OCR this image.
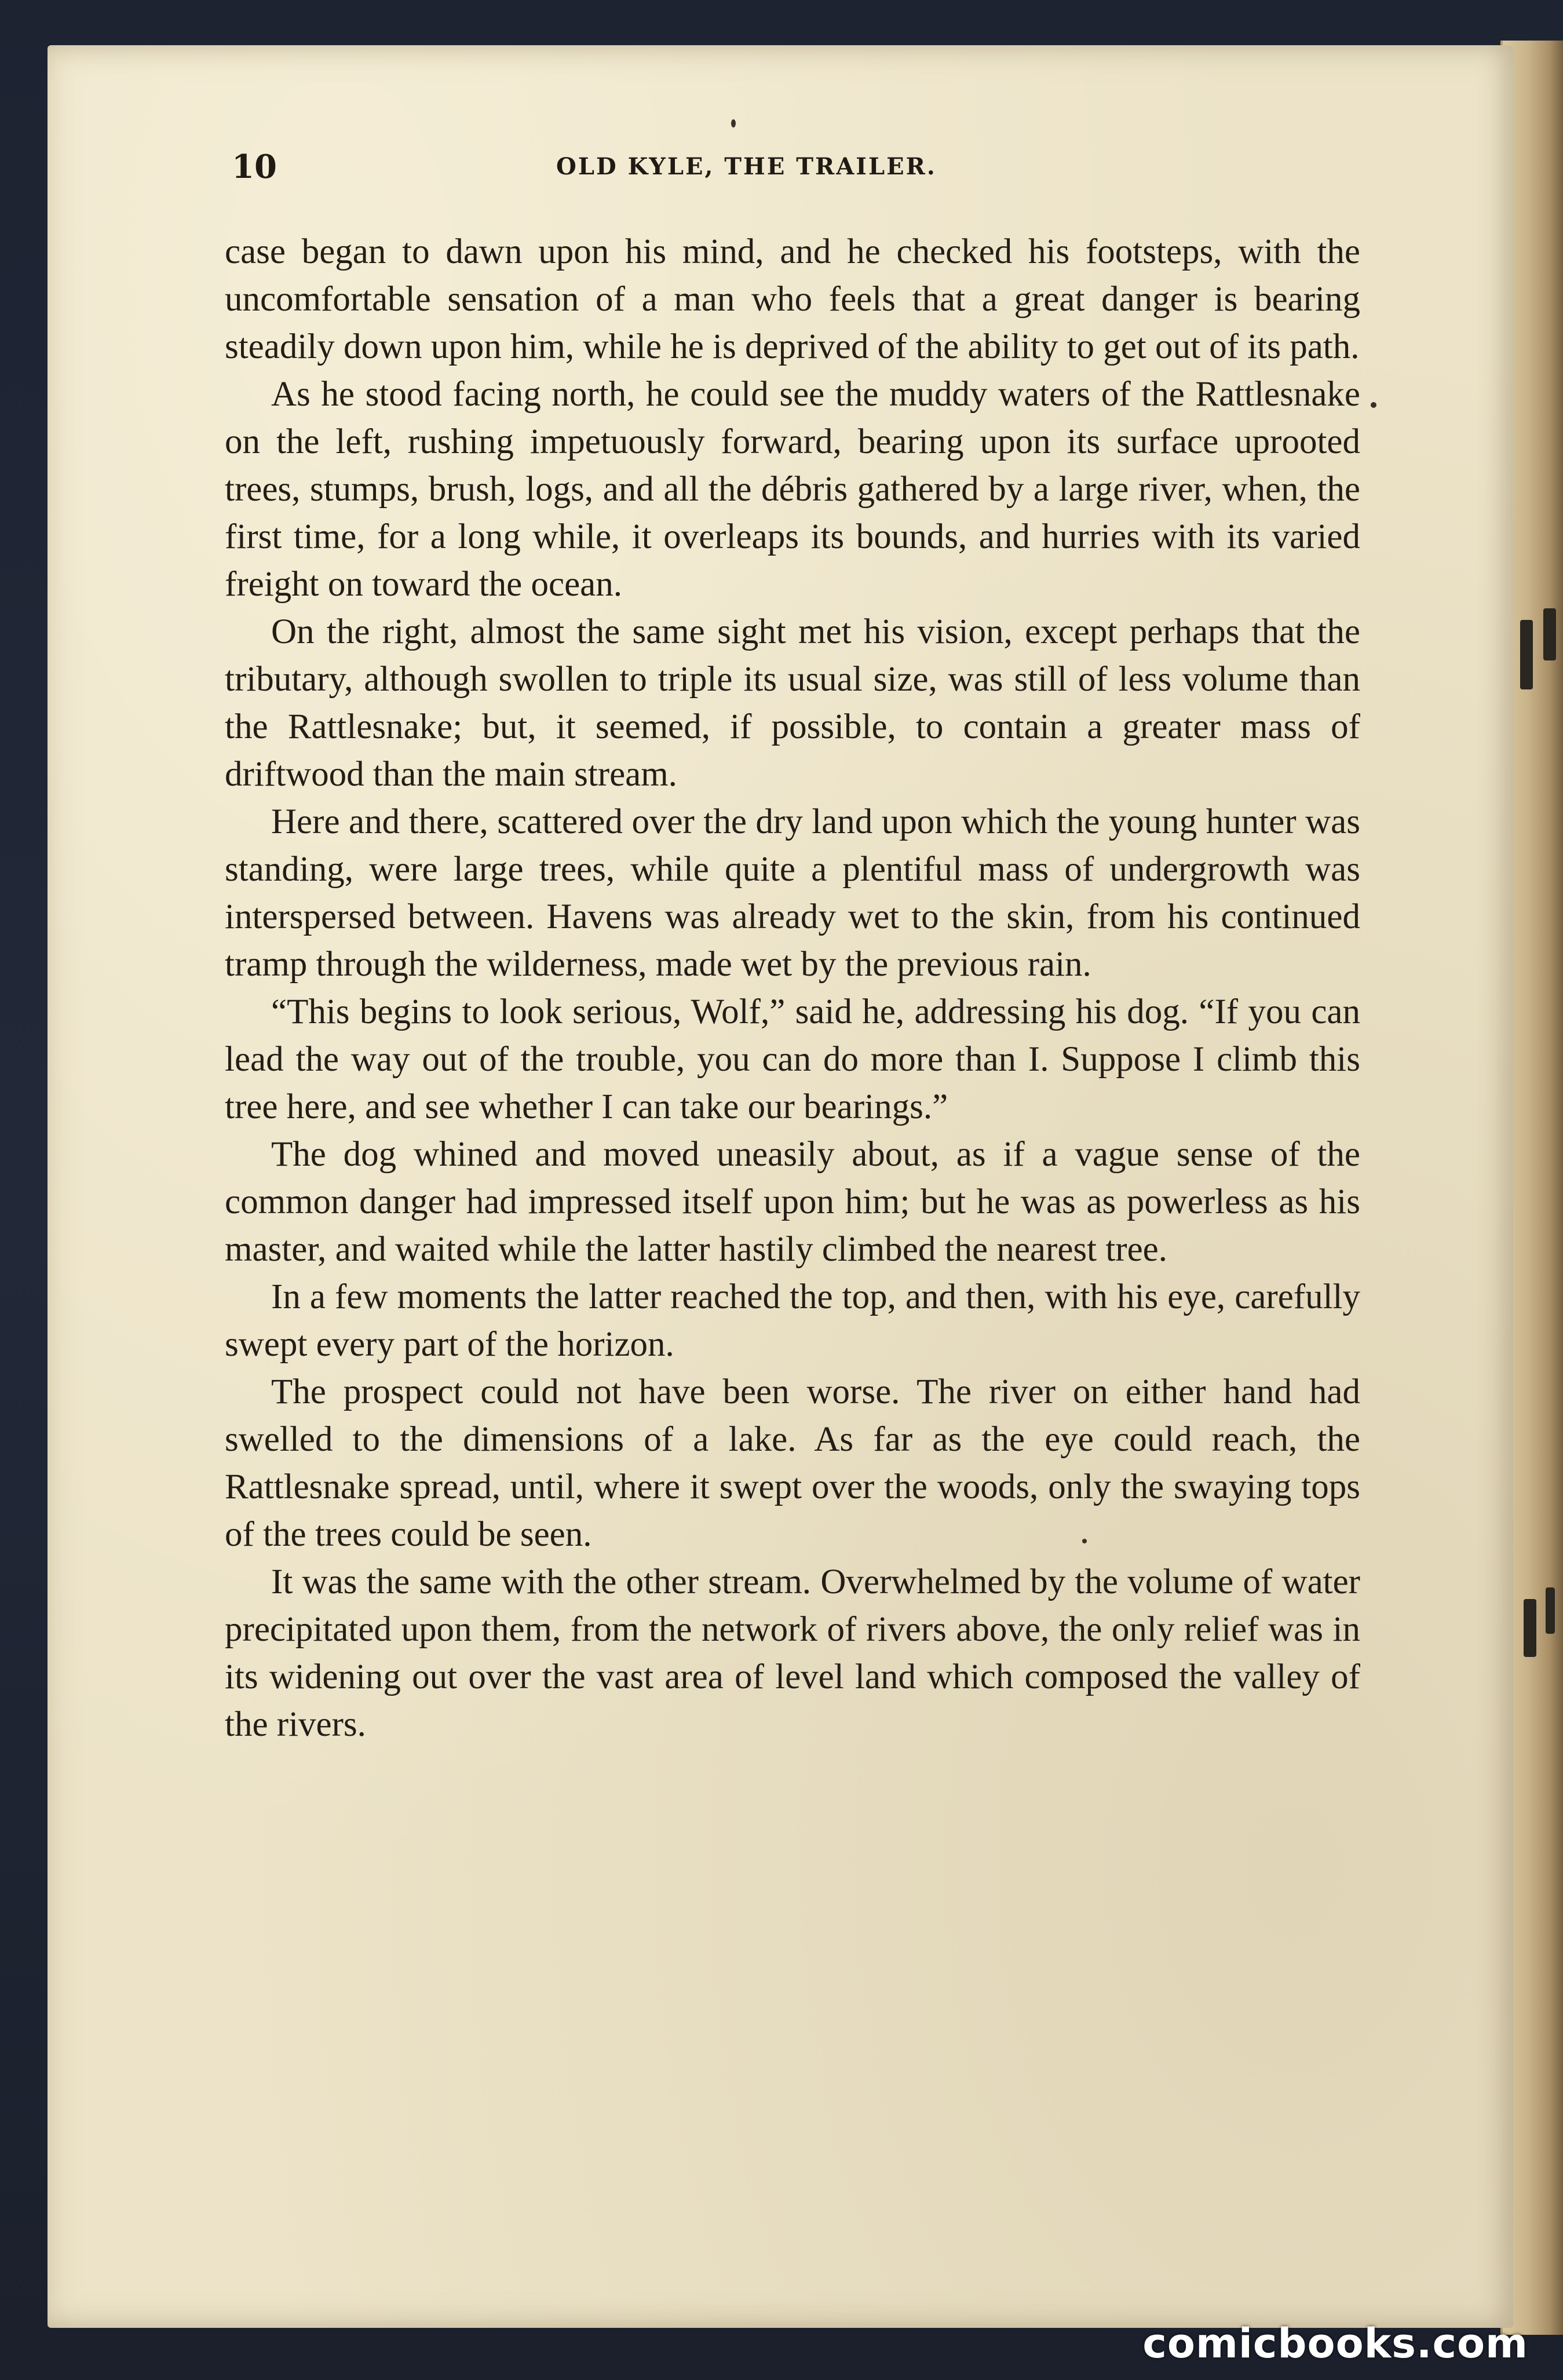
10	OLD KYLE, THE TRAILER.

case began to dawn upon his mind, and he checked his footsteps, with the uncomfortable sensation of a man who feels that a great danger is bearing steadily down upon him, while he is deprived of the ability to get out of its path.

As he stood facing north, he could see the muddy waters of the Rattlesnake on the left, rushing impetuously forward, bearing upon its surface uprooted trees, stumps, brush, logs, and all the débris gathered by a large river, when, the first time, for a long while, it overleaps its bounds, and hurries with its varied freight on toward the ocean.

On the right, almost the same sight met his vision, except perhaps that the tributary, although swollen to triple its usual size, was still of less volume than the Rattlesnake; but, it seemed, if possible, to contain a greater mass of driftwood than the main stream.

Here and there, scattered over the dry land upon which the young hunter was standing, were large trees, while quite a plentiful mass of undergrowth was interspersed between. Havens was already wet to the skin, from his continued tramp through the wilderness, made wet by the previous rain.

“This begins to look serious, Wolf,” said he, addressing his dog. “If you can lead the way out of the trouble, you can do more than I. Suppose I climb this tree here, and see whether I can take our bearings.”

The dog whined and moved uneasily about, as if a vague sense of the common danger had impressed itself upon him; but he was as powerless as his master, and waited while the latter hastily climbed the nearest tree.

In a few moments the latter reached the top, and then, with his eye, carefully swept every part of the horizon.

The prospect could not have been worse. The river on either hand had swelled to the dimensions of a lake. As far as the eye could reach, the Rattlesnake spread, until, where it swept over the woods, only the swaying tops of the trees could be seen.

It was the same with the other stream. Overwhelmed by the volume of water precipitated upon them, from the network of rivers above, the only relief was in its widening out over the vast area of level land which composed the valley of the rivers.

comicbooks.com
